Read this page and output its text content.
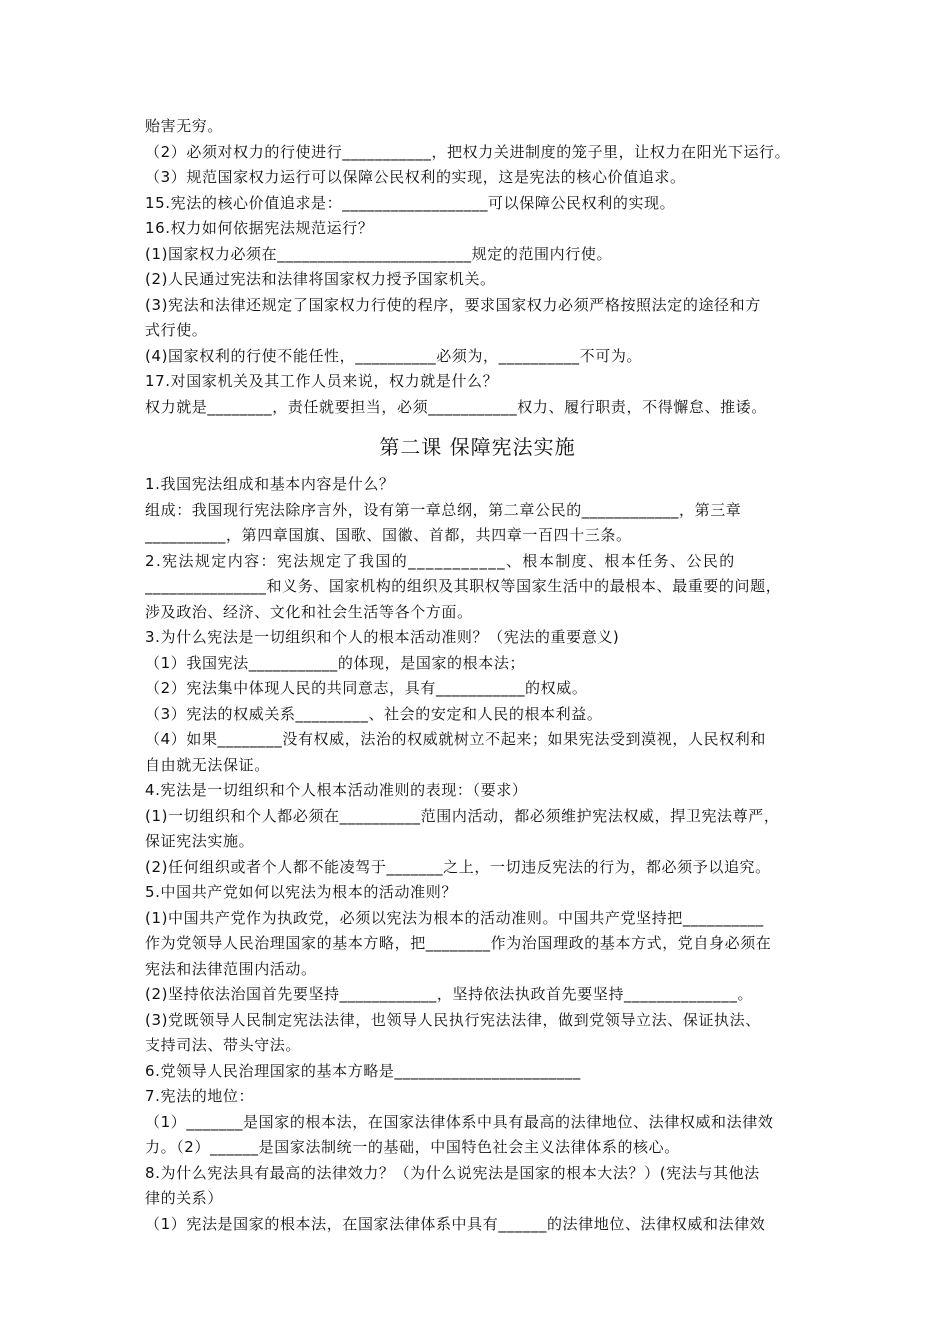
贻害无穷。
（2）必须对权力的行使进行___________，把权力关进制度的笼子里，让权力在阳光下运行。
（3）规范国家权力运行可以保障公民权利的实现，这是宪法的核心价值追求。
15.宪法的核心价值追求是：__________________可以保障公民权利的实现。
16.权力如何依据宪法规范运行？
(1)国家权力必须在________________________规定的范围内行使。
(2)人民通过宪法和法律将国家权力授予国家机关。
(3)宪法和法律还规定了国家权力行使的程序，要求国家权力必须严格按照法定的途径和方
式行使。
(4)国家权利的行使不能任性，__________必须为，__________不可为。
17.对国家机关及其工作人员来说，权力就是什么？
权力就是________，责任就要担当，必须___________权力、履行职责，不得懈怠、推诿。
第二课 保障宪法实施
1.我国宪法组成和基本内容是什么？
组成：我国现行宪法除序言外，设有第一章总纲，第二章公民的____________，第三章
__________，第四章国旗、国歌、国徽、首都，共四章一百四十三条。
2.宪法规定内容：宪法规定了我国的___________、根本制度、根本任务、公民的
_______________和义务、国家机构的组织及其职权等国家生活中的最根本、最重要的问题，
涉及政治、经济、文化和社会生活等各个方面。
3.为什么宪法是一切组织和个人的根本活动准则？（宪法的重要意义)
（1）我国宪法___________的体现，是国家的根本法；
（2）宪法集中体现人民的共同意志，具有___________的权威。
（3）宪法的权威关系_________、社会的安定和人民的根本利益。
（4）如果________没有权威，法治的权威就树立不起来；如果宪法受到漠视，人民权利和
自由就无法保证。
4.宪法是一切组织和个人根本活动准则的表现：（要求）
(1)一切组织和个人都必须在__________范围内活动，都必须维护宪法权威，捍卫宪法尊严，
保证宪法实施。
(2)任何组织或者个人都不能凌驾于_______之上，一切违反宪法的行为，都必须予以追究。
5.中国共产党如何以宪法为根本的活动准则？
(1)中国共产党作为执政党，必须以宪法为根本的活动准则。中国共产党坚持把__________
作为党领导人民治理国家的基本方略，把________作为治国理政的基本方式，党自身必须在
宪法和法律范围内活动。
(2)坚持依法治国首先要坚持____________，坚持依法执政首先要坚持______________。
(3)党既领导人民制定宪法法律，也领导人民执行宪法法律，做到党领导立法、保证执法、
支持司法、带头守法。
6.党领导人民治理国家的基本方略是_______________________
7.宪法的地位：
（1）_______是国家的根本法，在国家法律体系中具有最高的法律地位、法律权威和法律效
力。（2）______是国家法制统一的基础，中国特色社会主义法律体系的核心。
8.为什么宪法具有最高的法律效力？（为什么说宪法是国家的根本大法？）(宪法与其他法
律的关系）
（1）宪法是国家的根本法，在国家法律体系中具有______的法律地位、法律权威和法律效
